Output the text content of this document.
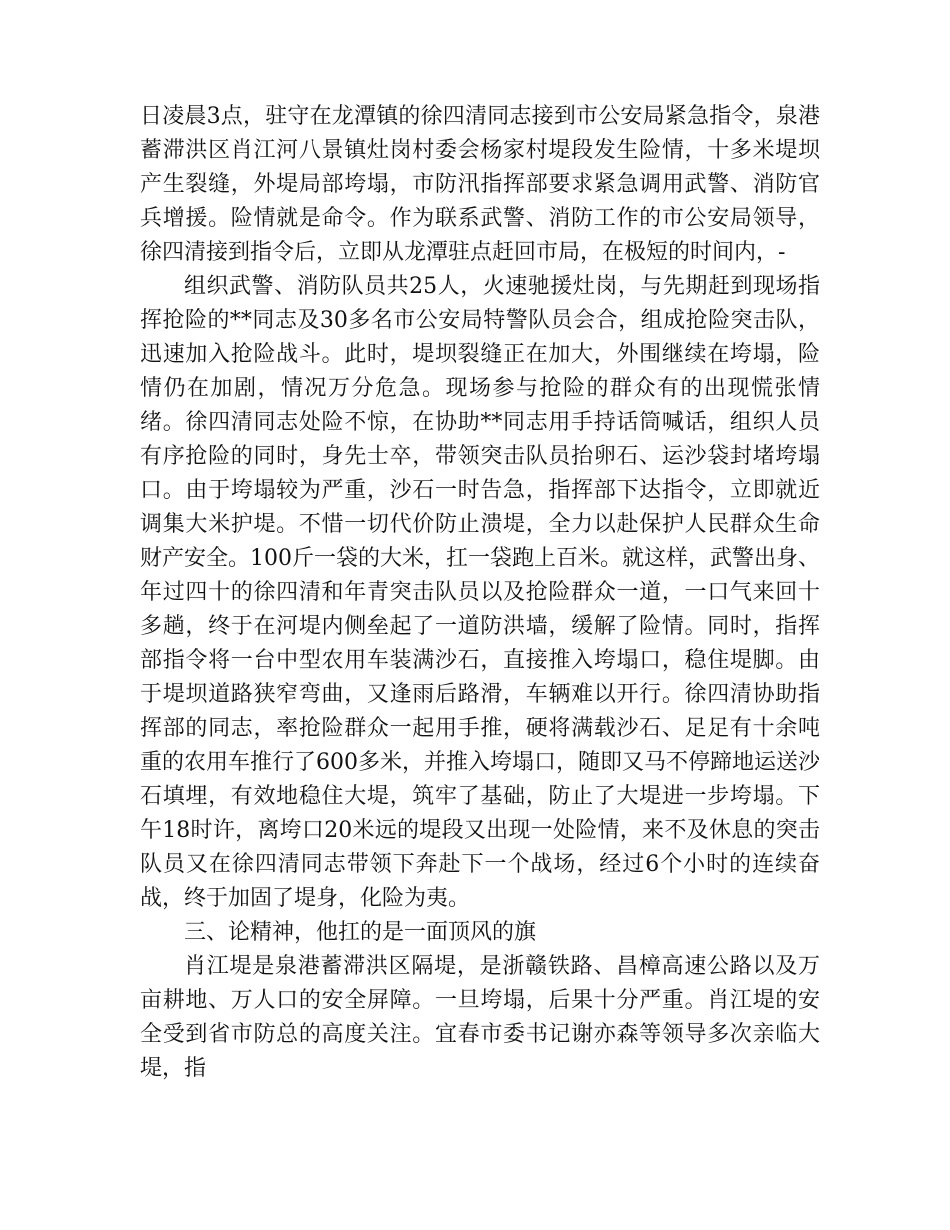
日凌晨3点，驻守在龙潭镇的徐四清同志接到市公安局紧急指令，泉港蓄滞洪区肖江河八景镇灶岗村委会杨家村堤段发生险情，十多米堤坝产生裂缝，外堤局部垮塌，市防汛指挥部要求紧急调用武警、消防官兵增援。险情就是命令。作为联系武警、消防工作的市公安局领导，徐四清接到指令后，立即从龙潭驻点赶回市局，在极短的时间内，-

组织武警、消防队员共25人，火速驰援灶岗，与先期赶到现场指挥抢险的**同志及30多名市公安局特警队员会合，组成抢险突击队，迅速加入抢险战斗。此时，堤坝裂缝正在加大，外围继续在垮塌，险情仍在加剧，情况万分危急。现场参与抢险的群众有的出现慌张情绪。徐四清同志处险不惊，在协助**同志用手持话筒喊话，组织人员有序抢险的同时，身先士卒，带领突击队员抬卵石、运沙袋封堵垮塌口。由于垮塌较为严重，沙石一时告急，指挥部下达指令，立即就近调集大米护堤。不惜一切代价防止溃堤，全力以赴保护人民群众生命财产安全。100斤一袋的大米，扛一袋跑上百米。就这样，武警出身、年过四十的徐四清和年青突击队员以及抢险群众一道，一口气来回十多趟，终于在河堤内侧垒起了一道防洪墙，缓解了险情。同时，指挥部指令将一台中型农用车装满沙石，直接推入垮塌口，稳住堤脚。由于堤坝道路狭窄弯曲，又逢雨后路滑，车辆难以开行。徐四清协助指挥部的同志，率抢险群众一起用手推，硬将满载沙石、足足有十余吨重的农用车推行了600多米，并推入垮塌口，随即又马不停蹄地运送沙石填埋，有效地稳住大堤，筑牢了基础，防止了大堤进一步垮塌。下午18时许，离垮口20米远的堤段又出现一处险情，来不及休息的突击队员又在徐四清同志带领下奔赴下一个战场，经过6个小时的连续奋战，终于加固了堤身，化险为夷。

三、论精神，他扛的是一面顶风的旗

肖江堤是泉港蓄滞洪区隔堤，是浙赣铁路、昌樟高速公路以及万亩耕地、万人口的安全屏障。一旦垮塌，后果十分严重。肖江堤的安全受到省市防总的高度关注。宜春市委书记谢亦森等领导多次亲临大堤，指
